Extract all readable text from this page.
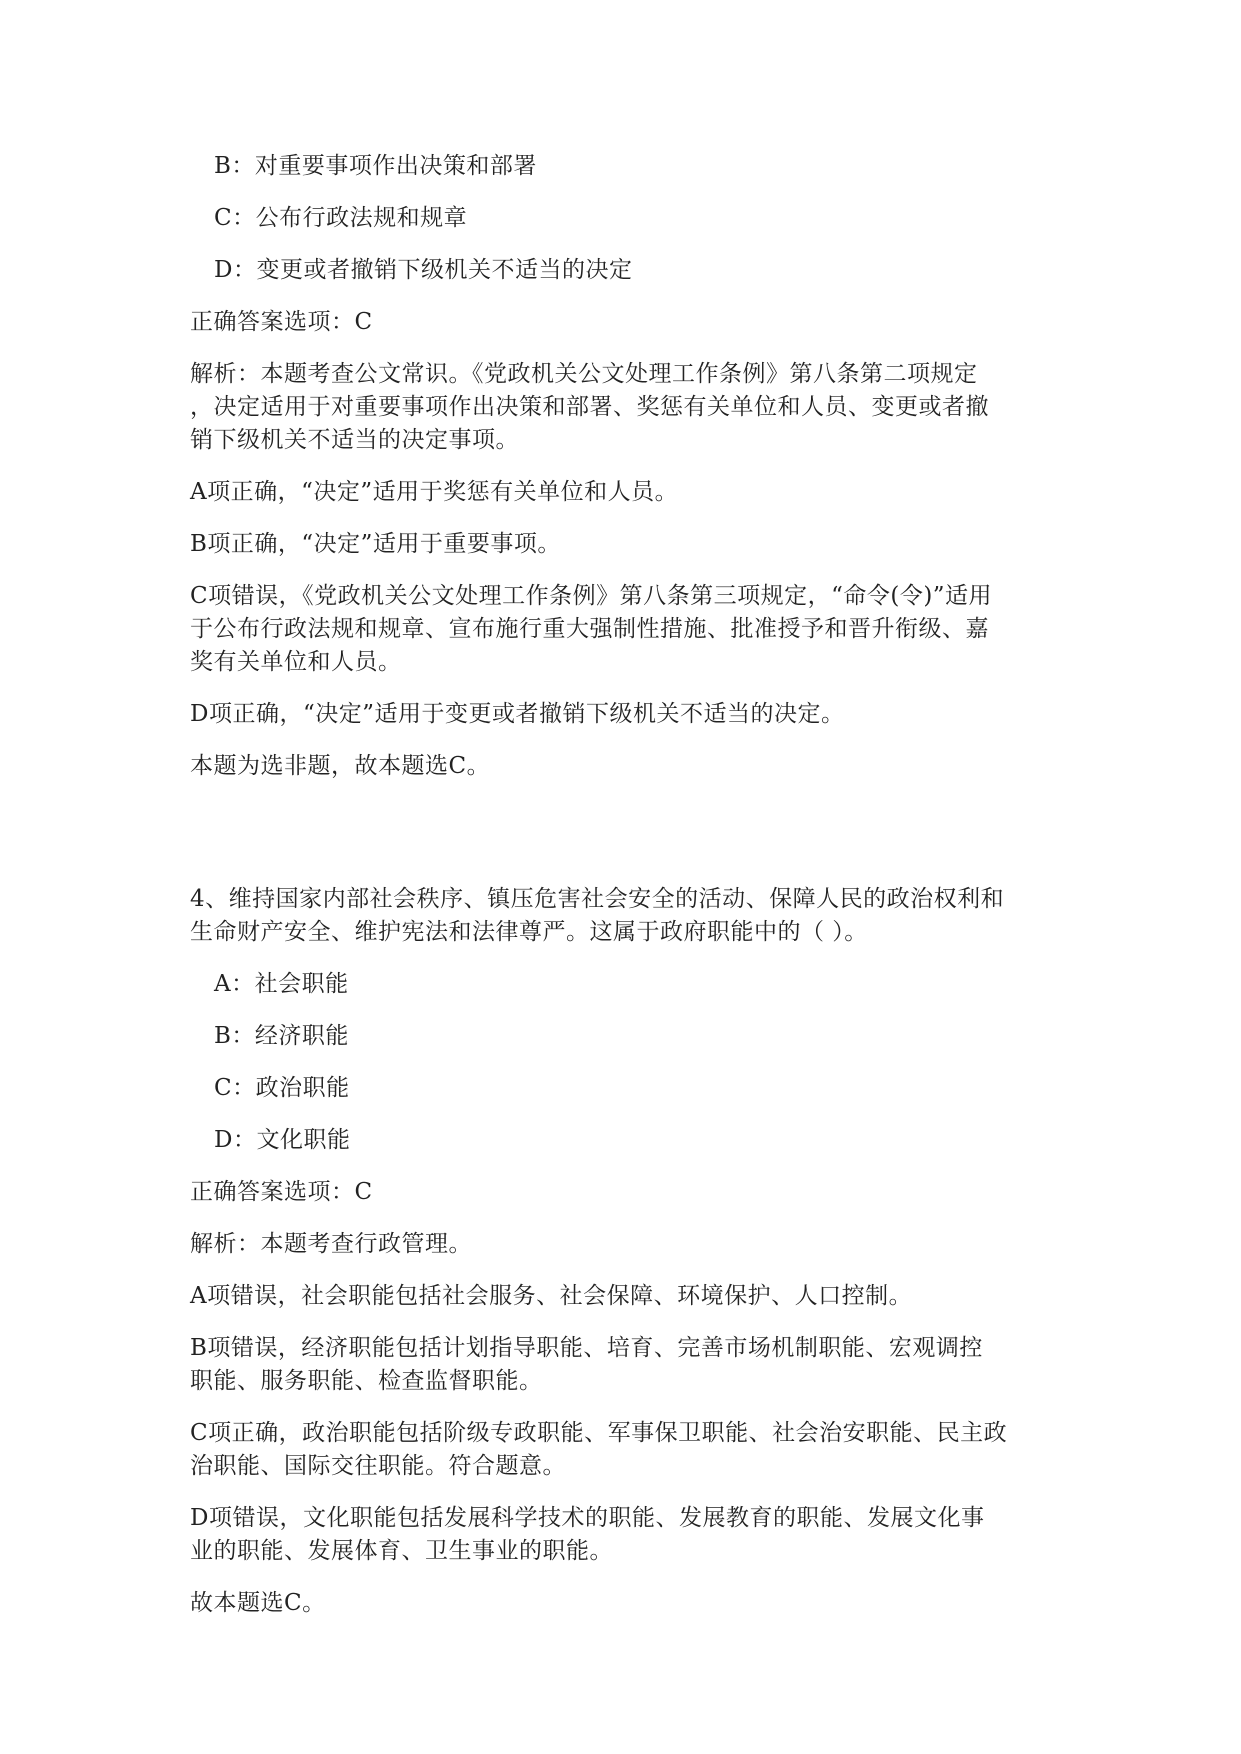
B：对重要事项作出决策和部署
C：公布行政法规和规章
D：变更或者撤销下级机关不适当的决定
正确答案选项：C
解析：本题考查公文常识。《党政机关公文处理工作条例》第八条第二项规定
，决定适用于对重要事项作出决策和部署、奖惩有关单位和人员、变更或者撤
销下级机关不适当的决定事项。
A项正确，“决定”适用于奖惩有关单位和人员。
B项正确，“决定”适用于重要事项。
C项错误，《党政机关公文处理工作条例》第八条第三项规定，“命令(令)”适用
于公布行政法规和规章、宣布施行重大强制性措施、批准授予和晋升衔级、嘉
奖有关单位和人员。
D项正确，“决定”适用于变更或者撤销下级机关不适当的决定。
本题为选非题，故本题选C。
4、维持国家内部社会秩序、镇压危害社会安全的活动、保障人民的政治权利和
生命财产安全、维护宪法和法律尊严。这属于政府职能中的（ ）。
A：社会职能
B：经济职能
C：政治职能
D：文化职能
正确答案选项：C
解析：本题考查行政管理。
A项错误，社会职能包括社会服务、社会保障、环境保护、人口控制。
B项错误，经济职能包括计划指导职能、培育、完善市场机制职能、宏观调控
职能、服务职能、检查监督职能。
C项正确，政治职能包括阶级专政职能、军事保卫职能、社会治安职能、民主政
治职能、国际交往职能。符合题意。
D项错误，文化职能包括发展科学技术的职能、发展教育的职能、发展文化事
业的职能、发展体育、卫生事业的职能。
故本题选C。
